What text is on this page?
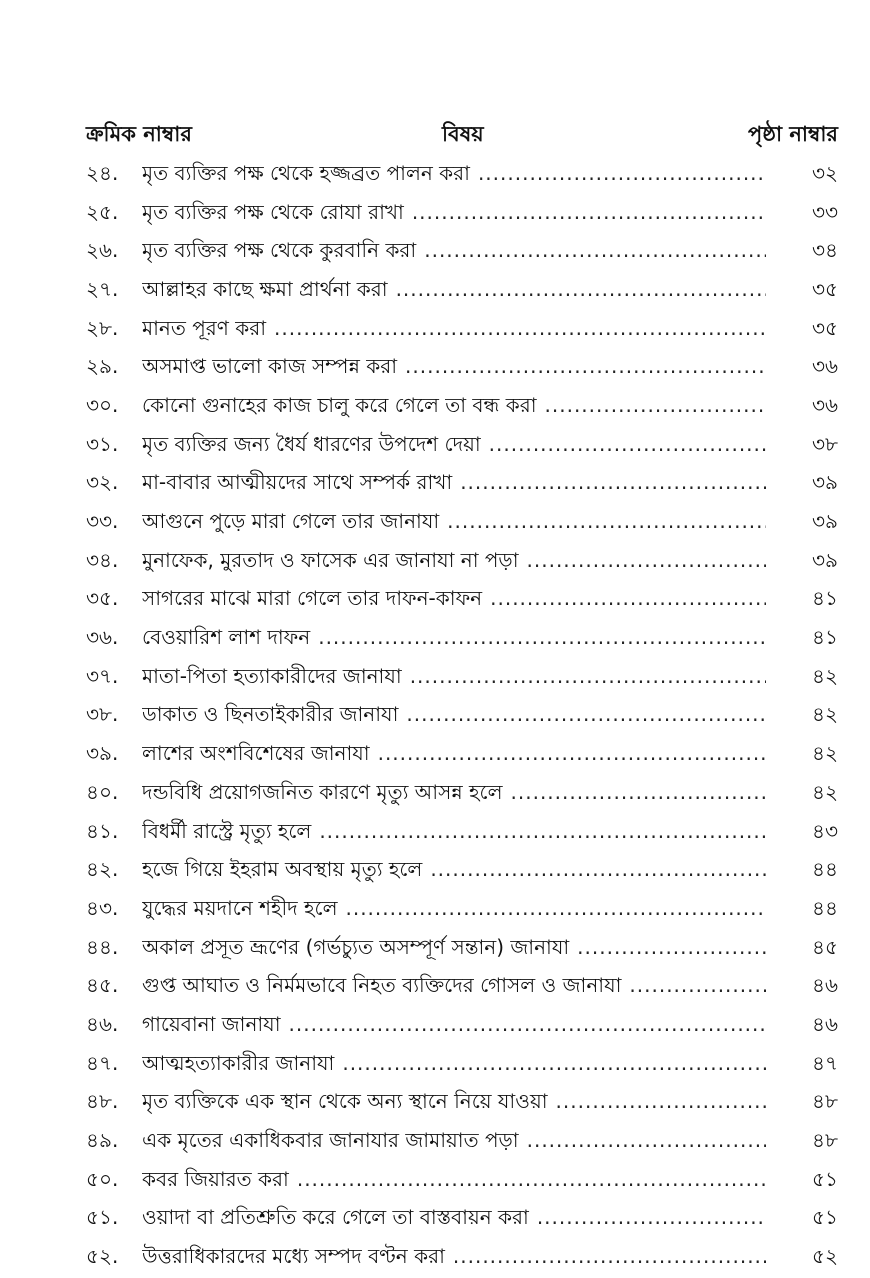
ক্রমিক নাম্বার	বিষয়	পৃষ্ঠা নাম্বার
২৪.	মৃত ব্যক্তির পক্ষ থেকে হজ্জব্রত পালন করা .....	৩২
২৫.	মৃত ব্যক্তির পক্ষ থেকে রোযা রাখা .....	৩৩
২৬.	মৃত ব্যক্তির পক্ষ থেকে কুরবানি করা .....	৩৪
২৭.	আল্লাহর কাছে ক্ষমা প্রার্থনা করা .....	৩৫
২৮.	মানত পূরণ করা .....	৩৫
২৯.	অসমাপ্ত ভালো কাজ সম্পন্ন করা .....	৩৬
৩০.	কোনো গুনাহের কাজ চালু করে গেলে তা বন্ধ করা .....	৩৬
৩১.	মৃত ব্যক্তির জন্য ধৈর্য ধারণের উপদেশ দেয়া .....	৩৮
৩২.	মা-বাবার আত্মীয়দের সাথে সম্পর্ক রাখা .....	৩৯
৩৩.	আগুনে পুড়ে মারা গেলে তার জানাযা .....	৩৯
৩৪.	মুনাফেক, মুরতাদ ও ফাসেক এর জানাযা না পড়া .....	৩৯
৩৫.	সাগরের মাঝে মারা গেলে তার দাফন-কাফন .....	৪১
৩৬.	বেওয়ারিশ লাশ দাফন .....	৪১
৩৭.	মাতা-পিতা হত্যাকারীদের জানাযা .....	৪২
৩৮.	ডাকাত ও ছিনতাইকারীর জানাযা .....	৪২
৩৯.	লাশের অংশবিশেষের জানাযা .....	৪২
৪০.	দন্ডবিধি প্রয়োগজনিত কারণে মৃত্যু আসন্ন হলে .....	৪২
৪১.	বিধর্মী রাস্ট্রে মৃত্যু হলে .....	৪৩
৪২.	হজে গিয়ে ইহরাম অবস্থায় মৃত্যু হলে .....	৪৪
৪৩.	যুদ্ধের ময়দানে শহীদ হলে .....	৪৪
৪৪.	অকাল প্রসূত ভ্রূণের (গর্ভচ্যুত অসম্পূর্ণ সন্তান) জানাযা .....	৪৫
৪৫.	গুপ্ত আঘাত ও নির্মমভাবে নিহত ব্যক্তিদের গোসল ও জানাযা .....	৪৬
৪৬.	গায়েবানা জানাযা .....	৪৬
৪৭.	আত্মহত্যাকারীর জানাযা .....	৪৭
৪৮.	মৃত ব্যক্তিকে এক স্থান থেকে অন্য স্থানে নিয়ে যাওয়া .....	৪৮
৪৯.	এক মৃতের একাধিকবার জানাযার জামায়াত পড়া .....	৪৮
৫০.	কবর জিয়ারত করা .....	৫১
৫১.	ওয়াদা বা প্রতিশ্রুতি করে গেলে তা বাস্তবায়ন করা .....	৫১
৫২.	উত্তরাধিকারদের মধ্যে সম্পদ বণ্টন করা .....	৫২
